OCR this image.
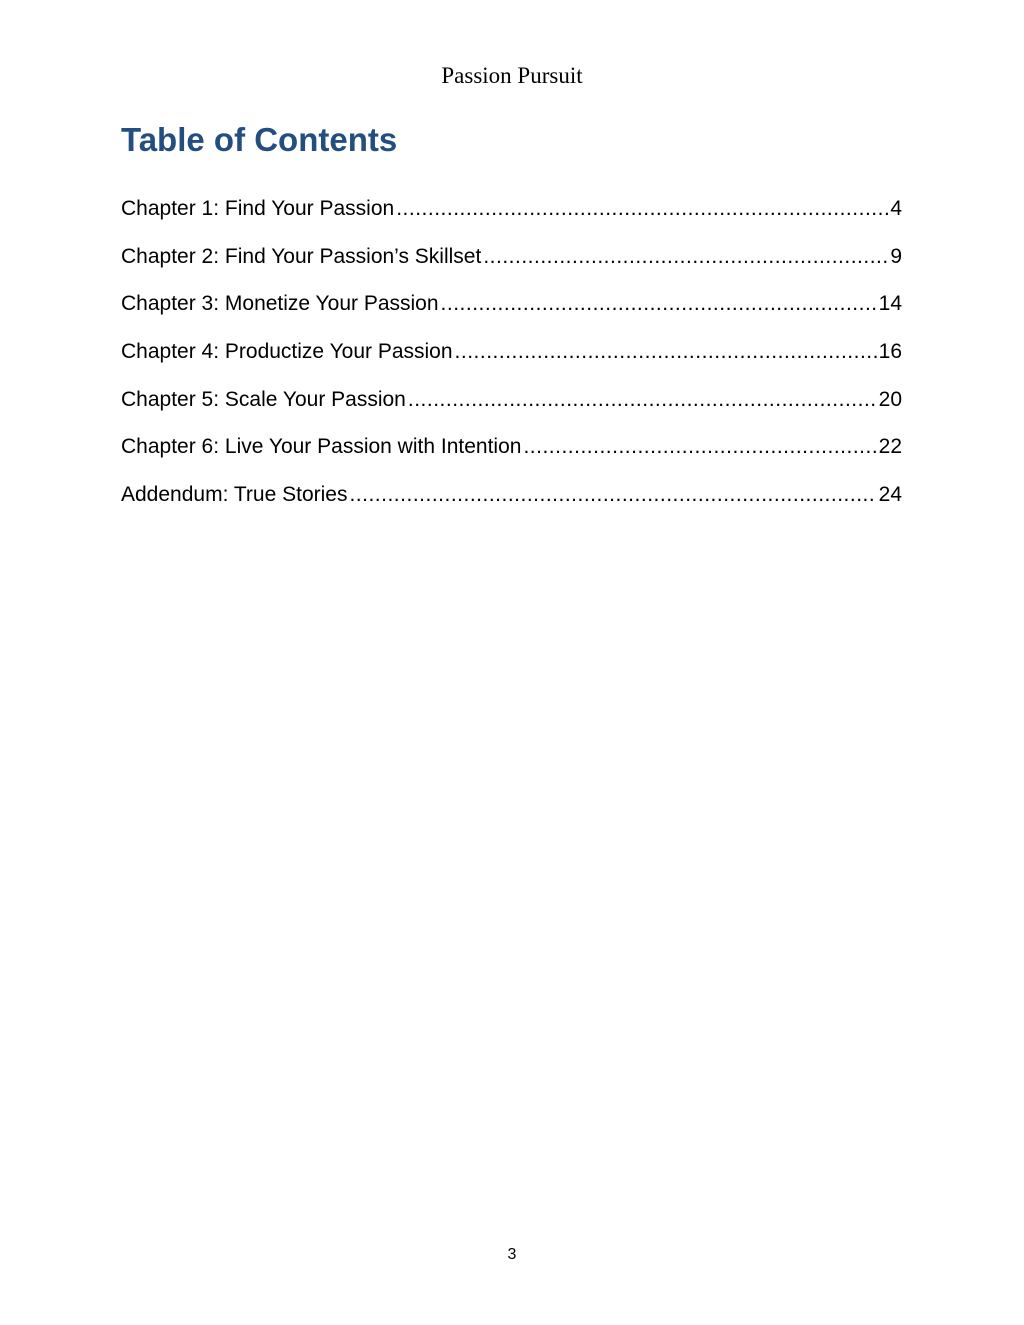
Passion Pursuit
Table of Contents
Chapter 1: Find Your Passion .....	4
Chapter 2: Find Your Passion’s Skillset .....	9
Chapter 3: Monetize Your Passion .....	14
Chapter 4: Productize Your Passion .....	16
Chapter 5: Scale Your Passion .....	20
Chapter 6: Live Your Passion with Intention .....	22
Addendum: True Stories .....	24
3
